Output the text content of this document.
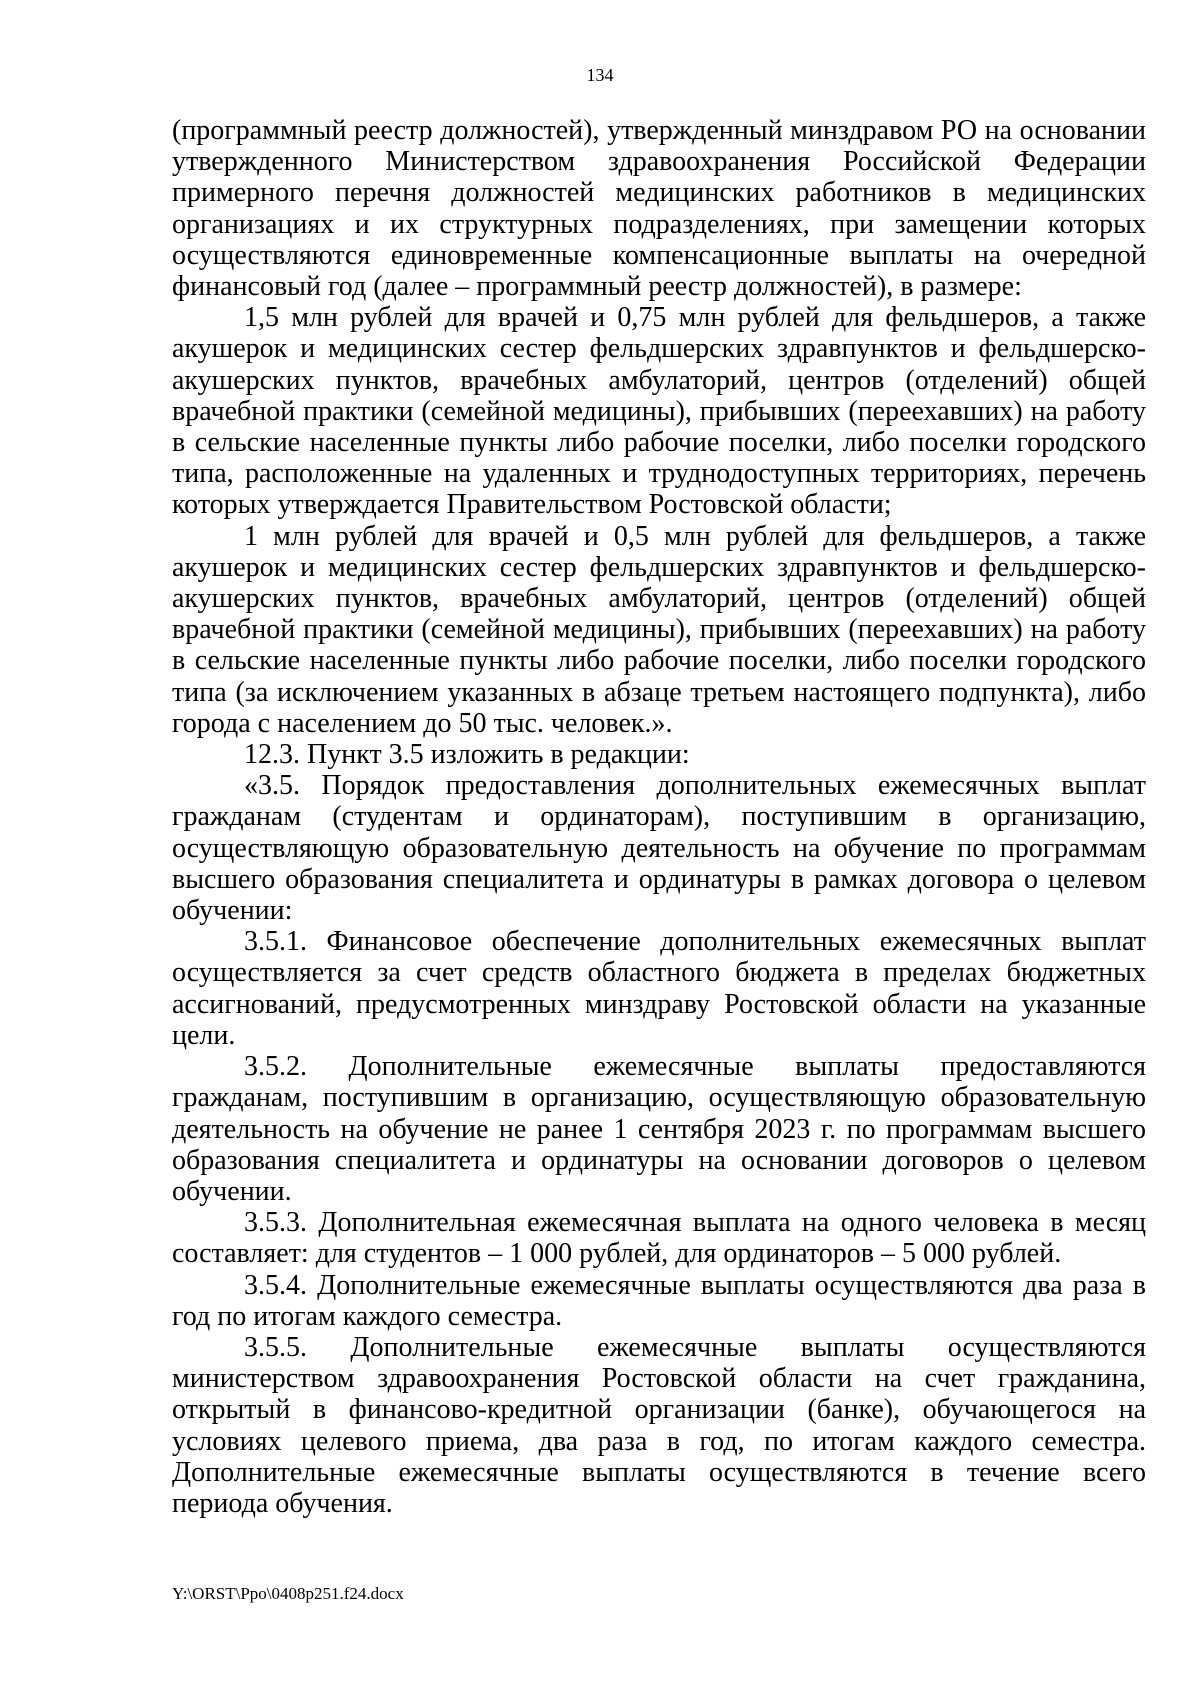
134

(программный реестр должностей), утвержденный минздравом РО на основании утвержденного Министерством здравоохранения Российской Федерации примерного перечня должностей медицинских работников в медицинских организациях и их структурных подразделениях, при замещении которых осуществляются единовременные компенсационные выплаты на очередной финансовый год (далее – программный реестр должностей), в размере:

1,5 млн рублей для врачей и 0,75 млн рублей для фельдшеров, а также акушерок и медицинских сестер фельдшерских здравпунктов и фельдшерско-акушерских пунктов, врачебных амбулаторий, центров (отделений) общей врачебной практики (семейной медицины), прибывших (переехавших) на работу в сельские населенные пункты либо рабочие поселки, либо поселки городского типа, расположенные на удаленных и труднодоступных территориях, перечень которых утверждается Правительством Ростовской области;

1 млн рублей для врачей и 0,5 млн рублей для фельдшеров, а также акушерок и медицинских сестер фельдшерских здравпунктов и фельдшерско-акушерских пунктов, врачебных амбулаторий, центров (отделений) общей врачебной практики (семейной медицины), прибывших (переехавших) на работу в сельские населенные пункты либо рабочие поселки, либо поселки городского типа (за исключением указанных в абзаце третьем настоящего подпункта), либо города с населением до 50 тыс. человек.».

12.3. Пункт 3.5 изложить в редакции:

«3.5. Порядок предоставления дополнительных ежемесячных выплат гражданам (студентам и ординаторам), поступившим в организацию, осуществляющую образовательную деятельность на обучение по программам высшего образования специалитета и ординатуры в рамках договора о целевом обучении:

3.5.1. Финансовое обеспечение дополнительных ежемесячных выплат осуществляется за счет средств областного бюджета в пределах бюджетных ассигнований, предусмотренных минздраву Ростовской области на указанные цели.

3.5.2. Дополнительные ежемесячные выплаты предоставляются гражданам, поступившим в организацию, осуществляющую образовательную деятельность на обучение не ранее 1 сентября 2023 г. по программам высшего образования специалитета и ординатуры на основании договоров о целевом обучении.

3.5.3. Дополнительная ежемесячная выплата на одного человека в месяц составляет: для студентов – 1 000 рублей, для ординаторов – 5 000 рублей.

3.5.4. Дополнительные ежемесячные выплаты осуществляются два раза в год по итогам каждого семестра.

3.5.5. Дополнительные ежемесячные выплаты осуществляются министерством здравоохранения Ростовской области на счет гражданина, открытый в финансово-кредитной организации (банке), обучающегося на условиях целевого приема, два раза в год, по итогам каждого семестра. Дополнительные ежемесячные выплаты осуществляются в течение всего периода обучения.

Y:\ORST\Ppo\0408p251.f24.docx
